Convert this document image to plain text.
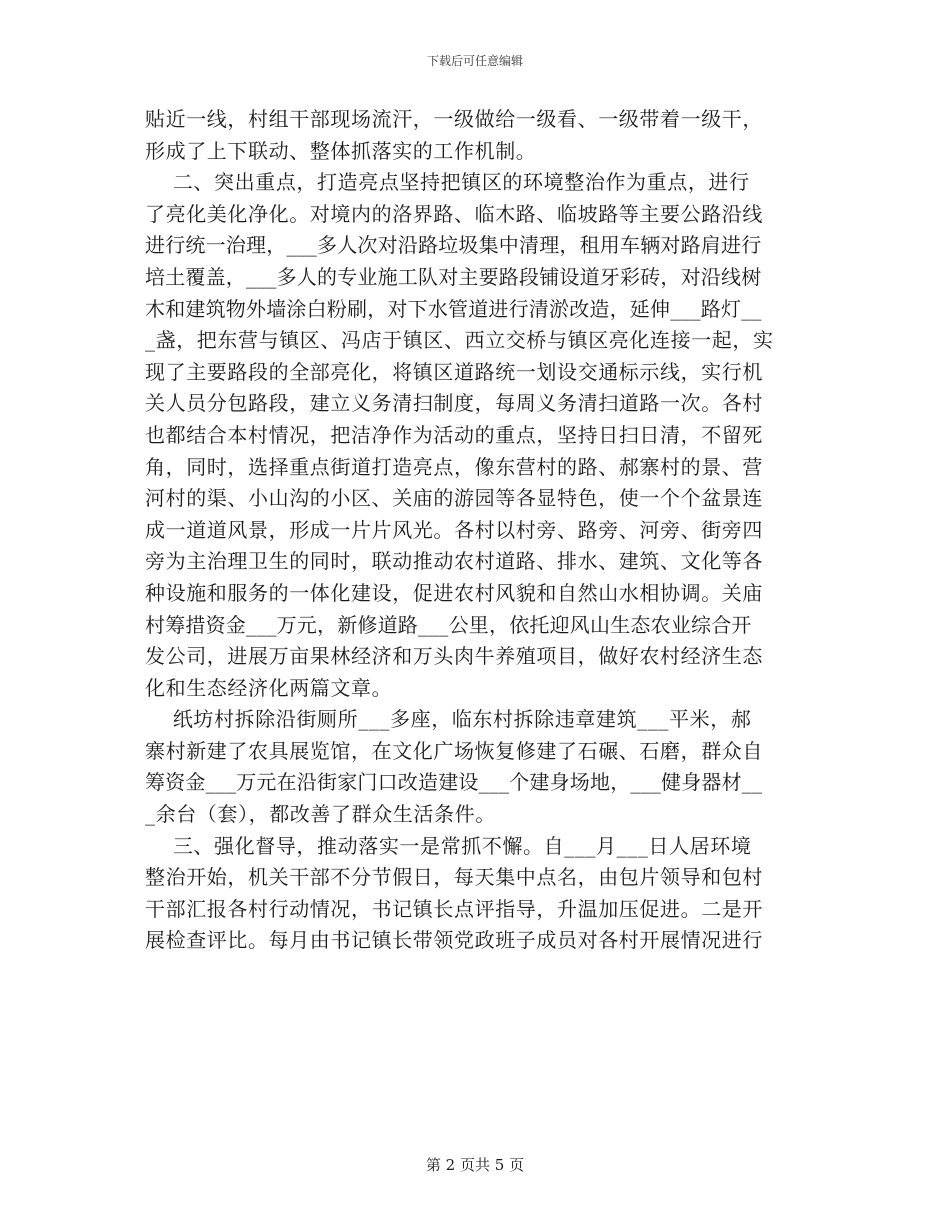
下载后可任意编辑
贴近一线，村组干部现场流汗，一级做给一级看、一级带着一级干，
形成了上下联动、整体抓落实的工作机制。
二、突出重点，打造亮点坚持把镇区的环境整治作为重点，进行
了亮化美化净化。对境内的洛界路、临木路、临坡路等主要公路沿线
进行统一治理，___多人次对沿路垃圾集中清理，租用车辆对路肩进行
培土覆盖，___多人的专业施工队对主要路段铺设道牙彩砖，对沿线树
木和建筑物外墙涂白粉刷，对下水管道进行清淤改造，延伸___路灯__
_盏，把东营与镇区、冯店于镇区、西立交桥与镇区亮化连接一起，实
现了主要路段的全部亮化，将镇区道路统一划设交通标示线，实行机
关人员分包路段，建立义务清扫制度，每周义务清扫道路一次。各村
也都结合本村情况，把洁净作为活动的重点，坚持日扫日清，不留死
角，同时，选择重点街道打造亮点，像东营村的路、郝寨村的景、营
河村的渠、小山沟的小区、关庙的游园等各显特色，使一个个盆景连
成一道道风景，形成一片片风光。各村以村旁、路旁、河旁、街旁四
旁为主治理卫生的同时，联动推动农村道路、排水、建筑、文化等各
种设施和服务的一体化建设，促进农村风貌和自然山水相协调。关庙
村筹措资金___万元，新修道路___公里，依托迎风山生态农业综合开
发公司，进展万亩果林经济和万头肉牛养殖项目，做好农村经济生态
化和生态经济化两篇文章。
纸坊村拆除沿街厕所___多座，临东村拆除违章建筑___平米，郝
寨村新建了农具展览馆，在文化广场恢复修建了石碾、石磨，群众自
筹资金___万元在沿街家门口改造建设___个建身场地，___健身器材__
_余台（套），都改善了群众生活条件。
三、强化督导，推动落实一是常抓不懈。自___月___日人居环境
整治开始，机关干部不分节假日，每天集中点名，由包片领导和包村
干部汇报各村行动情况，书记镇长点评指导，升温加压促进。二是开
展检查评比。每月由书记镇长带领党政班子成员对各村开展情况进行
第 2 页共 5 页
